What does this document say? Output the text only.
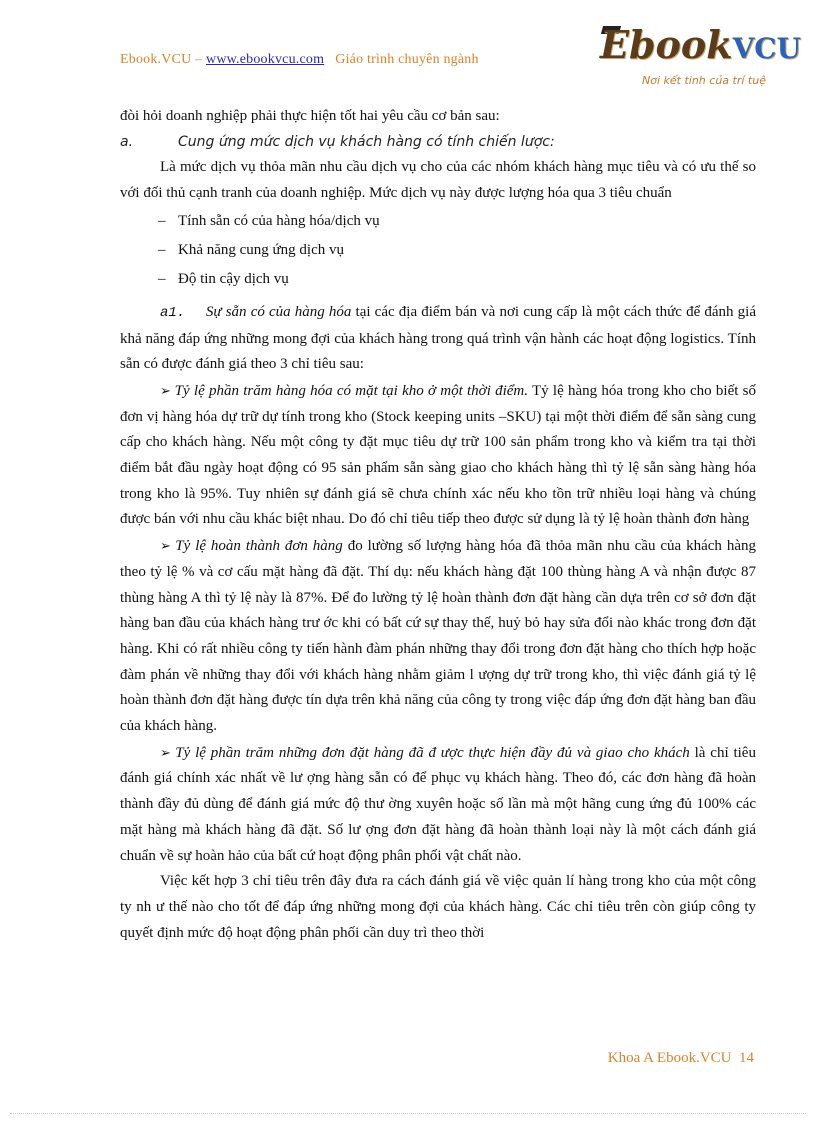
Ebook.VCU – www.ebookvcu.com Giáo trình chuyên ngành	EbookVCU
Nơi kết tinh của trí tuệ

đòi hỏi doanh nghiệp phải thực hiện tốt hai yêu cầu cơ bản sau:

a.	Cung ứng mức dịch vụ khách hàng có tính chiến lược:

Là mức dịch vụ thỏa mãn nhu cầu dịch vụ cho của các nhóm khách hàng mục tiêu và có ưu thế so với đối thủ cạnh tranh của doanh nghiệp. Mức dịch vụ này được lượng hóa qua 3 tiêu chuẩn

– Tính sẵn có của hàng hóa/dịch vụ

– Khả năng cung ứng dịch vụ

– Độ tin cậy dịch vụ

a1. Sự sẵn có của hàng hóa tại các địa điểm bán và nơi cung cấp là một cách thức để đánh giá khả năng đáp ứng những mong đợi của khách hàng trong quá trình vận hành các hoạt động logistics. Tính sẵn có được đánh giá theo 3 chỉ tiêu sau:

➢ Tỷ lệ phần trăm hàng hóa có mặt tại kho ở một thời điểm. Tỷ lệ hàng hóa trong kho cho biết số đơn vị hàng hóa dự trữ dự tính trong kho (Stock keeping units –SKU) tại một thời điểm để sẵn sàng cung cấp cho khách hàng. Nếu một công ty đặt mục tiêu dự trữ 100 sản phẩm trong kho và kiểm tra tại thời điểm bắt đầu ngày hoạt động có 95 sản phẩm sẵn sàng giao cho khách hàng thì tỷ lệ sẵn sàng hàng hóa trong kho là 95%. Tuy nhiên sự đánh giá sẽ chưa chính xác nếu kho tồn trữ nhiều loại hàng và chúng được bán với nhu cầu khác biệt nhau. Do đó chỉ tiêu tiếp theo được sử dụng là tỷ lệ hoàn thành đơn hàng

➢ Tỷ lệ hoàn thành đơn hàng đo lường số lượng hàng hóa đã thỏa mãn nhu cầu của khách hàng theo tỷ lệ % và cơ cấu mặt hàng đã đặt. Thí dụ: nếu khách hàng đặt 100 thùng hàng A và nhận được 87 thùng hàng A thì tỷ lệ này là 87%. Để đo lường tỷ lệ hoàn thành đơn đặt hàng cần dựa trên cơ sở đơn đặt hàng ban đầu của khách hàng trư ớc khi có bất cứ sự thay thế, huỷ bỏ hay sửa đổi nào khác trong đơn đặt hàng. Khi có rất nhiều công ty tiến hành đàm phán những thay đổi trong đơn đặt hàng cho thích hợp hoặc đàm phán về những thay đổi với khách hàng nhằm giảm l ượng dự trữ trong kho, thì việc đánh giá tỷ lệ hoàn thành đơn đặt hàng được tín dựa trên khả năng của công ty trong việc đáp ứng đơn đặt hàng ban đầu của khách hàng.

➢ Tỷ lệ phần trăm những đơn đặt hàng đã đ ược thực hiện đầy đủ và giao cho khách là chỉ tiêu đánh giá chính xác nhất về lư ợng hàng sẵn có để phục vụ khách hàng. Theo đó, các đơn hàng đã hoàn thành đầy đủ dùng để đánh giá mức độ thư ờng xuyên hoặc số lần mà một hãng cung ứng đủ 100% các mặt hàng mà khách hàng đã đặt. Số lư ợng đơn đặt hàng đã hoàn thành loại này là một cách đánh giá chuẩn về sự hoàn hảo của bất cứ hoạt động phân phối vật chất nào.

Việc kết hợp 3 chỉ tiêu trên đây đưa ra cách đánh giá về việc quản lí hàng trong kho của một công ty nh ư thế nào cho tốt để đáp ứng những mong đợi của khách hàng. Các chỉ tiêu trên còn giúp công ty quyết định mức độ hoạt động phân phối cần duy trì theo thời

Khoa A Ebook.VCU 14
